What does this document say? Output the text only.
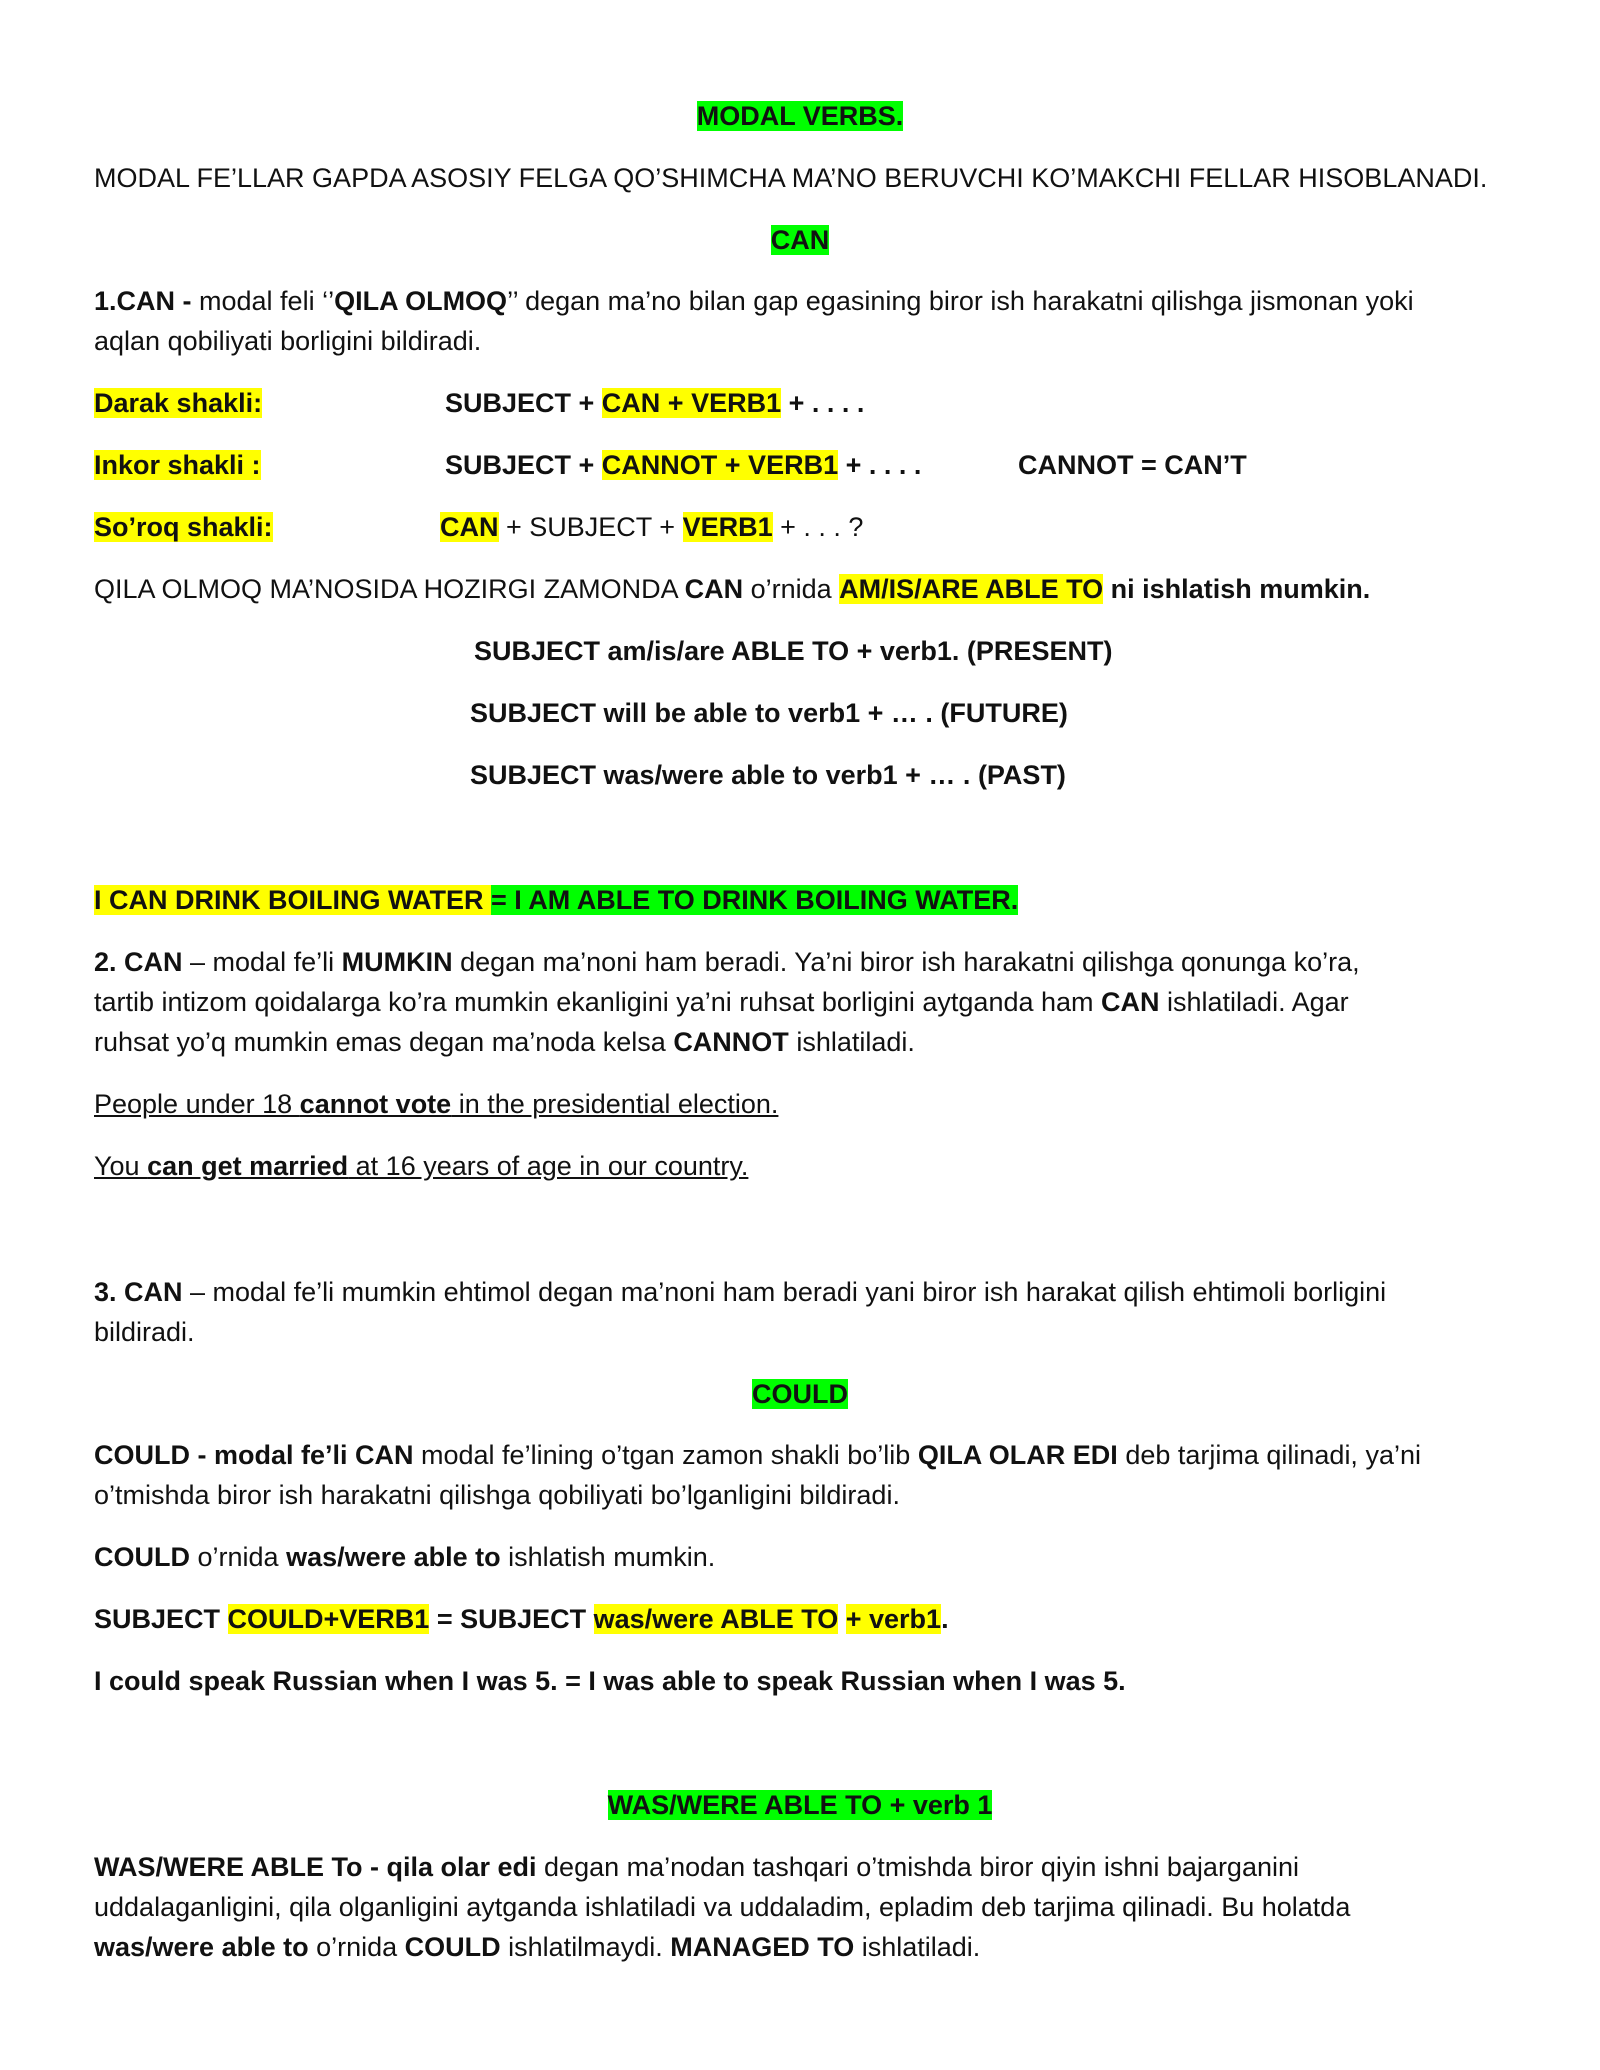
MODAL VERBS.
MODAL FE’LLAR GAPDA ASOSIY FELGA QO’SHIMCHA MA’NO BERUVCHI KO’MAKCHI FELLAR HISOBLANADI.
CAN
1.CAN - modal feli ‘’QILA OLMOQ’’ degan ma’no bilan gap egasining biror ish harakatni qilishga jismonan yoki
aqlan qobiliyati borligini bildiradi.
Darak shakli:	SUBJECT + CAN + VERB1 + . . . .
Inkor shakli :	SUBJECT + CANNOT + VERB1 + . . . .	CANNOT = CAN’T
So’roq shakli:	CAN + SUBJECT + VERB1 + . . . ?
QILA OLMOQ MA’NOSIDA HOZIRGI ZAMONDA CAN o’rnida AM/IS/ARE ABLE TO ni ishlatish mumkin.
SUBJECT am/is/are ABLE TO + verb1. (PRESENT)
SUBJECT will be able to verb1 + … . (FUTURE)
SUBJECT was/were able to verb1 + … . (PAST)
I CAN DRINK BOILING WATER = I AM ABLE TO DRINK BOILING WATER.
2. CAN – modal fe’li MUMKIN degan ma’noni ham beradi. Ya’ni biror ish harakatni qilishga qonunga ko’ra,
tartib intizom qoidalarga ko’ra mumkin ekanligini ya’ni ruhsat borligini aytganda ham CAN ishlatiladi. Agar
ruhsat yo’q mumkin emas degan ma’noda kelsa CANNOT ishlatiladi.
People under 18 cannot vote in the presidential election.
You can get married at 16 years of age in our country.
3. CAN – modal fe’li mumkin ehtimol degan ma’noni ham beradi yani biror ish harakat qilish ehtimoli borligini
bildiradi.
COULD
COULD - modal fe’li CAN modal fe’lining o’tgan zamon shakli bo’lib QILA OLAR EDI deb tarjima qilinadi, ya’ni
o’tmishda biror ish harakatni qilishga qobiliyati bo’lganligini bildiradi.
COULD o’rnida was/were able to ishlatish mumkin.
SUBJECT COULD+VERB1 = SUBJECT was/were ABLE TO + verb1.
I could speak Russian when I was 5. = I was able to speak Russian when I was 5.
WAS/WERE ABLE TO + verb 1
WAS/WERE ABLE To - qila olar edi degan ma’nodan tashqari o’tmishda biror qiyin ishni bajarganini
uddalaganligini, qila olganligini aytganda ishlatiladi va uddaladim, epladim deb tarjima qilinadi. Bu holatda
was/were able to o’rnida COULD ishlatilmaydi. MANAGED TO ishlatiladi.
